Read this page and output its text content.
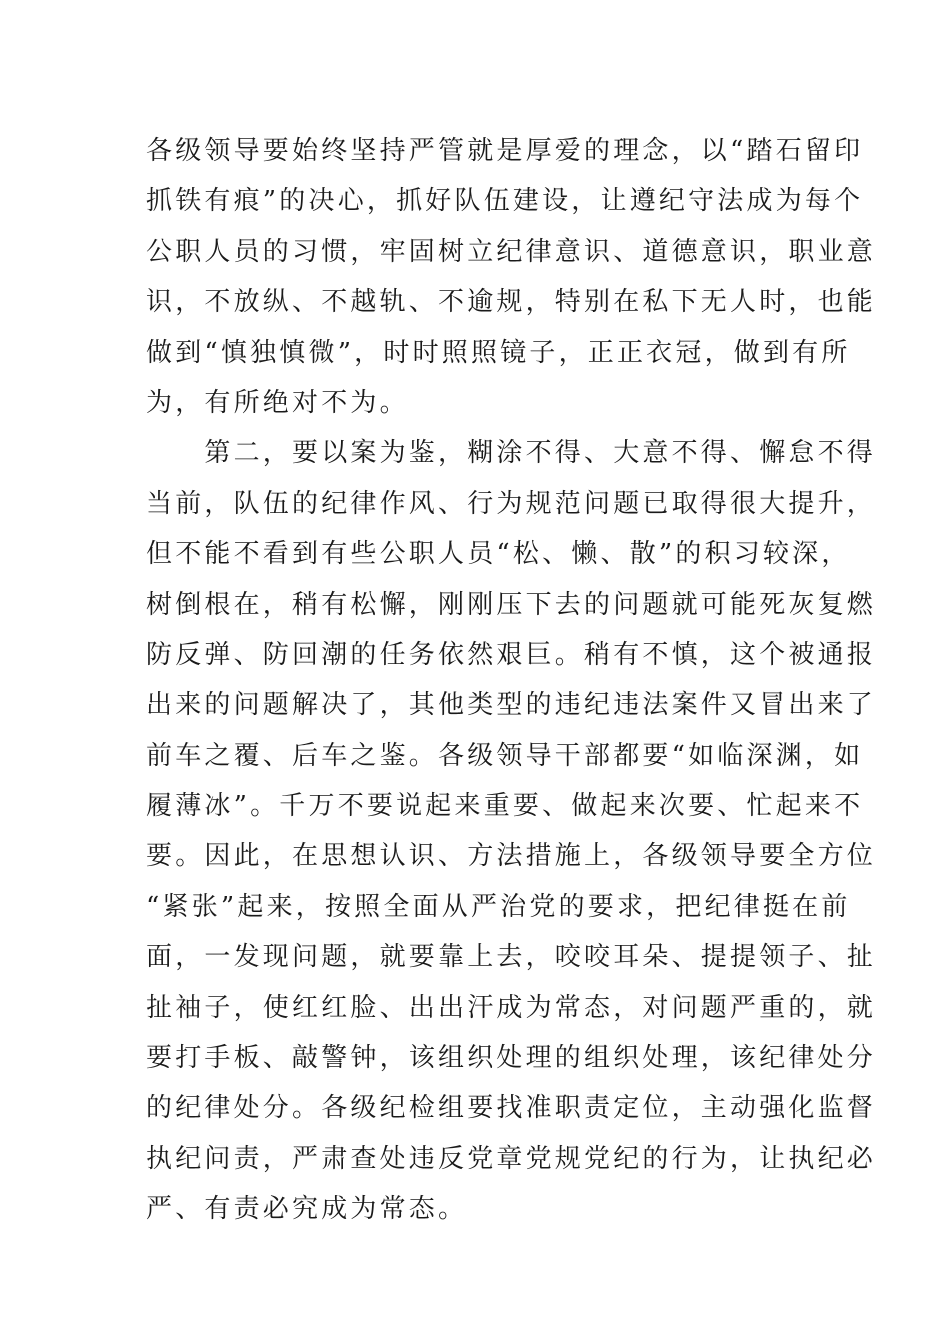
各级领导要始终坚持严管就是厚爱的理念，以“踏石留印
抓铁有痕”的决心，抓好队伍建设，让遵纪守法成为每个
公职人员的习惯，牢固树立纪律意识、道德意识，职业意
识，不放纵、不越轨、不逾规，特别在私下无人时，也能
做到“慎独慎微”，时时照照镜子，正正衣冠，做到有所
为，有所绝对不为。
　　第二，要以案为鉴，糊涂不得、大意不得、懈怠不得
当前，队伍的纪律作风、行为规范问题已取得很大提升，
但不能不看到有些公职人员“松、懒、散”的积习较深，
树倒根在，稍有松懈，刚刚压下去的问题就可能死灰复燃
防反弹、防回潮的任务依然艰巨。稍有不慎，这个被通报
出来的问题解决了，其他类型的违纪违法案件又冒出来了
前车之覆、后车之鉴。各级领导干部都要“如临深渊，如
履薄冰”。千万不要说起来重要、做起来次要、忙起来不
要。因此，在思想认识、方法措施上，各级领导要全方位
“紧张”起来，按照全面从严治党的要求，把纪律挺在前
面，一发现问题，就要靠上去，咬咬耳朵、提提领子、扯
扯袖子，使红红脸、出出汗成为常态，对问题严重的，就
要打手板、敲警钟，该组织处理的组织处理，该纪律处分
的纪律处分。各级纪检组要找准职责定位，主动强化监督
执纪问责，严肃查处违反党章党规党纪的行为，让执纪必
严、有责必究成为常态。
